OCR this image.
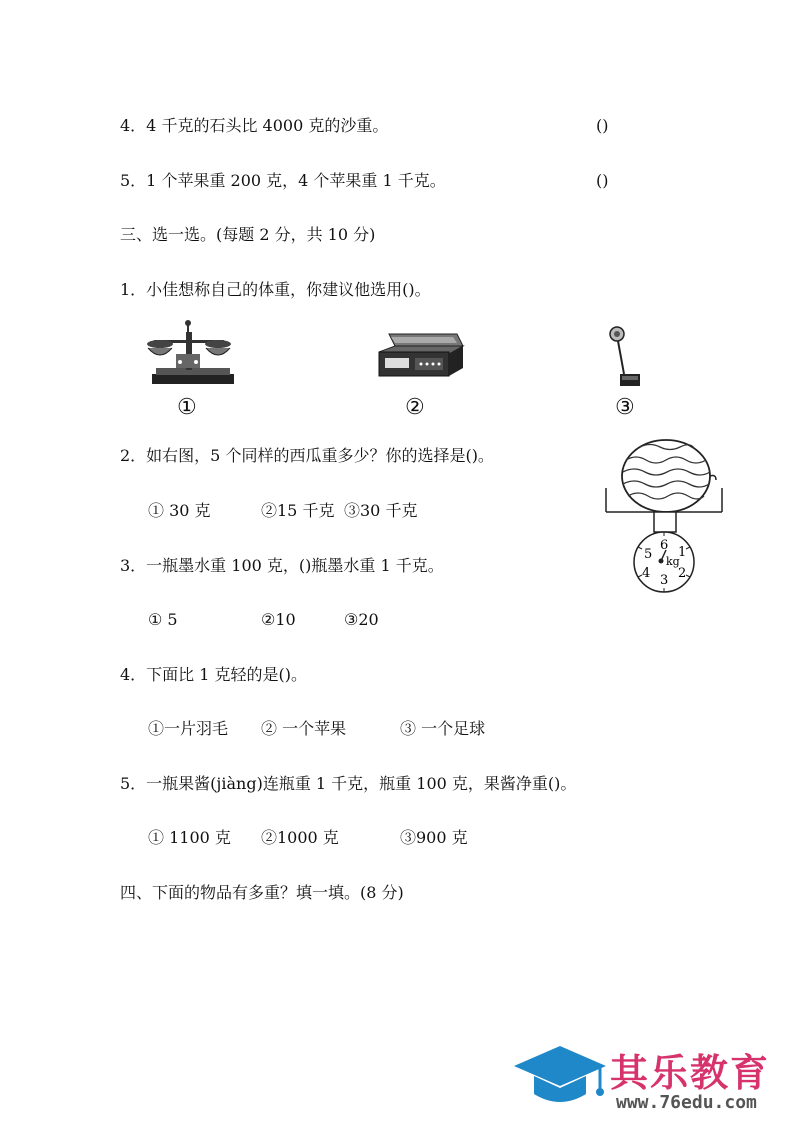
4．4 千克的石头比 4000 克的沙重。	()
5．1 个苹果重 200 克，4 个苹果重 1 千克。	()
三、选一选。(每题 2 分，共 10 分)
1．小佳想称自己的体重，你建议他选用()。
①	②	③
2．如右图，5 个同样的西瓜重多少？你的选择是()。
① 30 克	②15 千克 ③30 千克
6 1
2
3
4
5 kg
3．一瓶墨水重 100 克，()瓶墨水重 1 千克。
① 5	②10	③20
4．下面比 1 克轻的是()。
①一片羽毛 ② 一个苹果	③ 一个足球
5．一瓶果酱(jiàng)连瓶重 1 千克，瓶重 100 克，果酱净重()。
① 1100 克 ②1000 克	③900 克
四、下面的物品有多重？填一填。(8 分)
其乐教育
www.76edu.com
